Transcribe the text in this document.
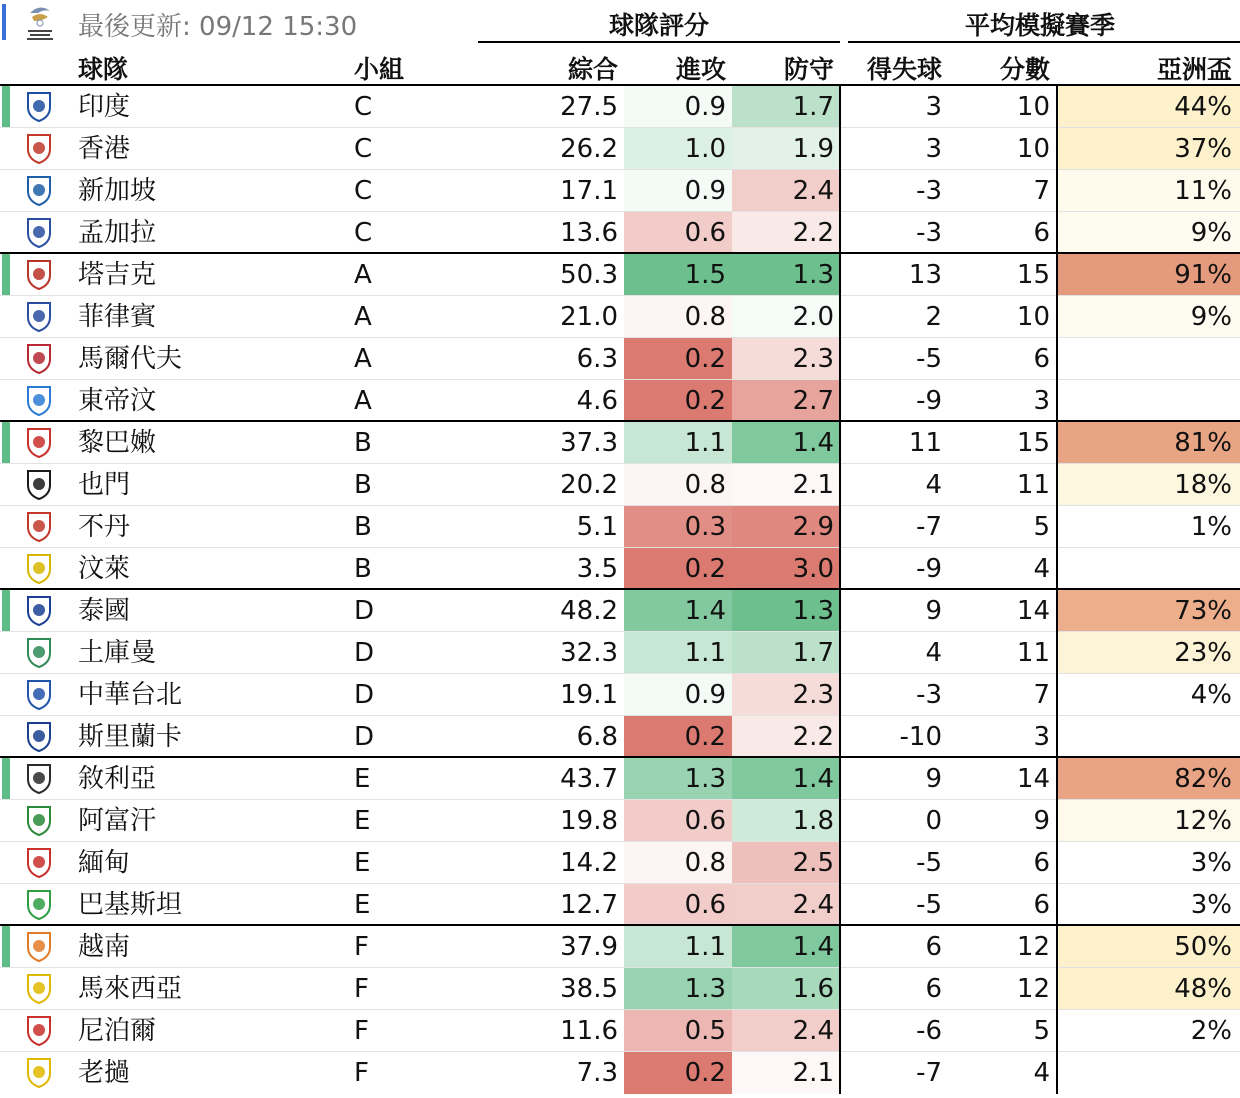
最後更新: 09/12 15:30	球隊評分	平均模擬賽季
球隊	小組	綜合	進攻	防守	得失球	分數	亞洲盃
印度	C	27.5	0.9	1.7	3	10	44%
香港	C	26.2	1.0	1.9	3	10	37%
新加坡	C	17.1	0.9	2.4	-3	7	11%
孟加拉	C	13.6	0.6	2.2	-3	6	9%
塔吉克	A	50.3	1.5	1.3	13	15	91%
菲律賓	A	21.0	0.8	2.0	2	10	9%
馬爾代夫	A	6.3	0.2	2.3	-5	6
東帝汶	A	4.6	0.2	2.7	-9	3
黎巴嫩	B	37.3	1.1	1.4	11	15	81%
也門	B	20.2	0.8	2.1	4	11	18%
不丹	B	5.1	0.3	2.9	-7	5	1%
汶萊	B	3.5	0.2	3.0	-9	4
泰國	D	48.2	1.4	1.3	9	14	73%
土庫曼	D	32.3	1.1	1.7	4	11	23%
中華台北	D	19.1	0.9	2.3	-3	7	4%
斯里蘭卡	D	6.8	0.2	2.2	-10	3
敘利亞	E	43.7	1.3	1.4	9	14	82%
阿富汗	E	19.8	0.6	1.8	0	9	12%
緬甸	E	14.2	0.8	2.5	-5	6	3%
巴基斯坦	E	12.7	0.6	2.4	-5	6	3%
越南	F	37.9	1.1	1.4	6	12	50%
馬來西亞	F	38.5	1.3	1.6	6	12	48%
尼泊爾	F	11.6	0.5	2.4	-6	5	2%
老撾	F	7.3	0.2	2.1	-7	4
